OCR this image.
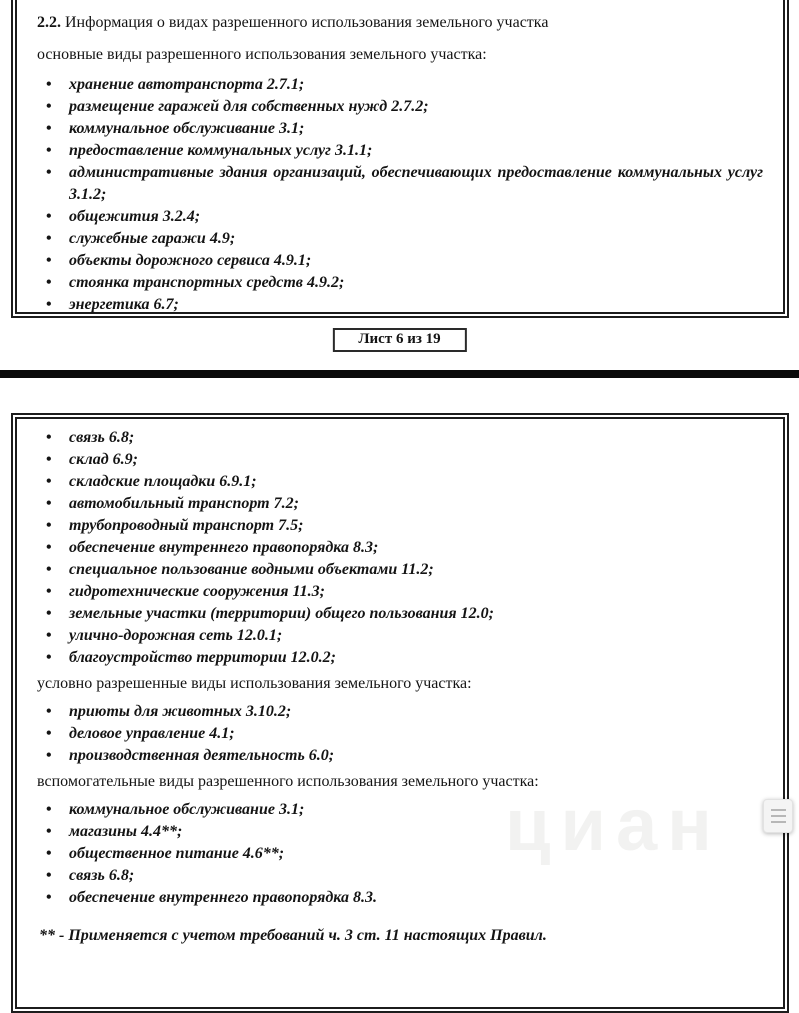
2.2. Информация о видах разрешенного использования земельного участка

основные виды разрешенного использования земельного участка:

• хранение автотранспорта 2.7.1;
• размещение гаражей для собственных нужд 2.7.2;
• коммунальное обслуживание 3.1;
• предоставление коммунальных услуг 3.1.1;
• административные здания организаций, обеспечивающих предоставление коммунальных услуг 3.1.2;
• общежития 3.2.4;
• служебные гаражи 4.9;
• объекты дорожного сервиса 4.9.1;
• стоянка транспортных средств 4.9.2;
• энергетика 6.7;
Лист 6 из 19
• связь 6.8;
• склад 6.9;
• складские площадки 6.9.1;
• автомобильный транспорт 7.2;
• трубопроводный транспорт 7.5;
• обеспечение внутреннего правопорядка 8.3;
• специальное пользование водными объектами 11.2;
• гидротехнические сооружения 11.3;
• земельные участки (территории) общего пользования 12.0;
• улично-дорожная сеть 12.0.1;
• благоустройство территории 12.0.2;

условно разрешенные виды использования земельного участка:

• приюты для животных 3.10.2;
• деловое управление 4.1;
• производственная деятельность 6.0;

вспомогательные виды разрешенного использования земельного участка:

• коммунальное обслуживание 3.1;
• магазины 4.4**;
• общественное питание 4.6**;
• связь 6.8;
• обеспечение внутреннего правопорядка 8.3.

** - Применяется с учетом требований ч. 3 ст. 11 настоящих Правил.
